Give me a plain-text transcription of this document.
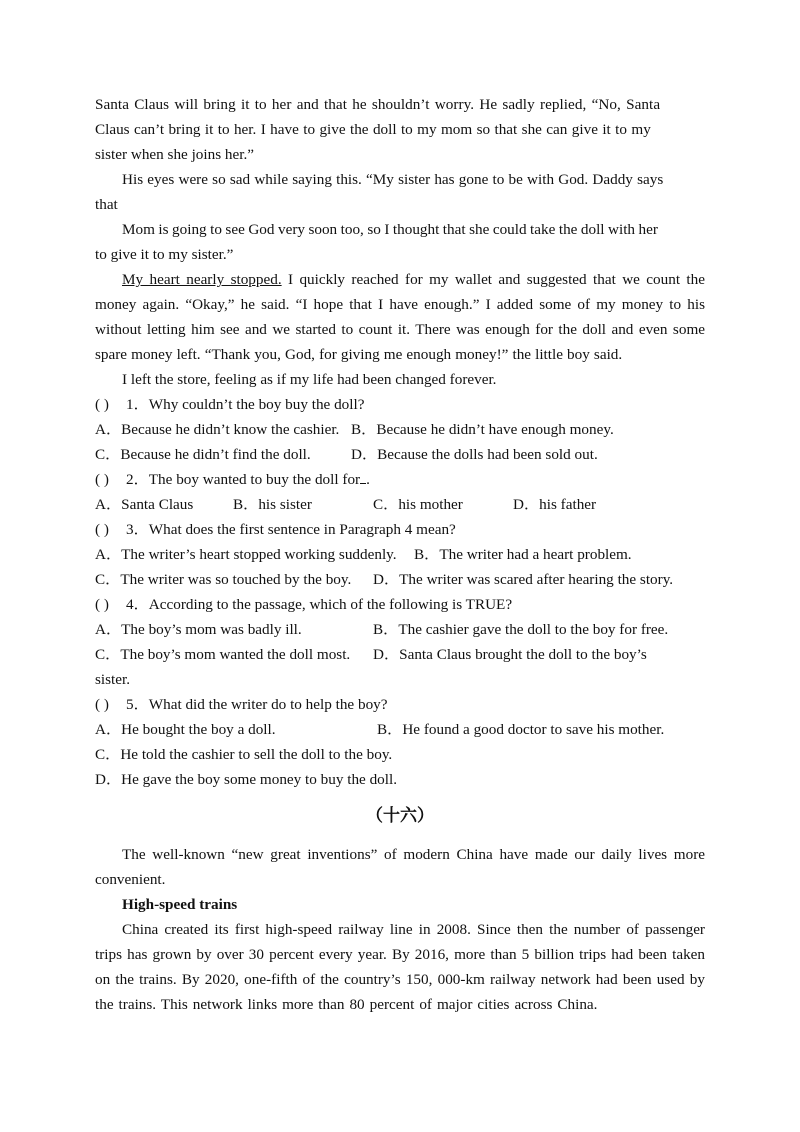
Santa Claus will bring it to her and that he shouldn’t worry. He sadly replied, “No, Santa

Claus can’t bring it to her. I have to give the doll to my mom so that she can give it to my

sister when she joins her.”

His eyes were so sad while saying this. “My sister has gone to be with God. Daddy says

that

Mom is going to see God very soon too, so I thought that she could take the doll with her

to give it to my sister.”

My heart nearly stopped. I quickly reached for my wallet and suggested that we count the money again. “Okay,” he said. “I hope that I have enough.” I added some of my money to his without letting him see and we started to count it. There was enough for the doll and even some spare money left. “Thank you, God, for giving me enough money!” the little boy said.

I left the store, feeling as if my life had been changed forever.

( ) 1．Why couldn’t the boy buy the doll?

A．Because he didn’t know the cashier. B．Because he didn’t have enough money.
C．Because he didn’t find the doll.	D．Because the dolls had been sold out.

( ) 2．The boy wanted to buy the doll for .

A．Santa Claus	B．his sister	C．his mother	D．his father

( ) 3．What does the first sentence in Paragraph 4 mean?

A．The writer’s heart stopped working suddenly.	B．The writer had a heart problem.
C．The writer was so touched by the boy.	D．The writer was scared after hearing the story.

( ) 4．According to the passage, which of the following is TRUE?

A．The boy’s mom was badly ill.	B．The cashier gave the doll to the boy for free.
C．The boy’s mom wanted the doll most.	D．Santa Claus brought the doll to the boy’s

sister.

( ) 5．What did the writer do to help the boy?

A．He bought the boy a doll.	B．He found a good doctor to save his mother.
C．He told the cashier to sell the doll to the boy.
D．He gave the boy some money to buy the doll.
（十六）

The well-known “new great inventions” of modern China have made our daily lives more convenient.

High-speed trains

China created its first high-speed railway line in 2008. Since then the number of passenger trips has grown by over 30 percent every year. By 2016, more than 5 billion trips had been taken on the trains. By 2020, one-fifth of the country’s 150, 000-km railway network had been used by the trains. This network links more than 80 percent of major cities across China.
